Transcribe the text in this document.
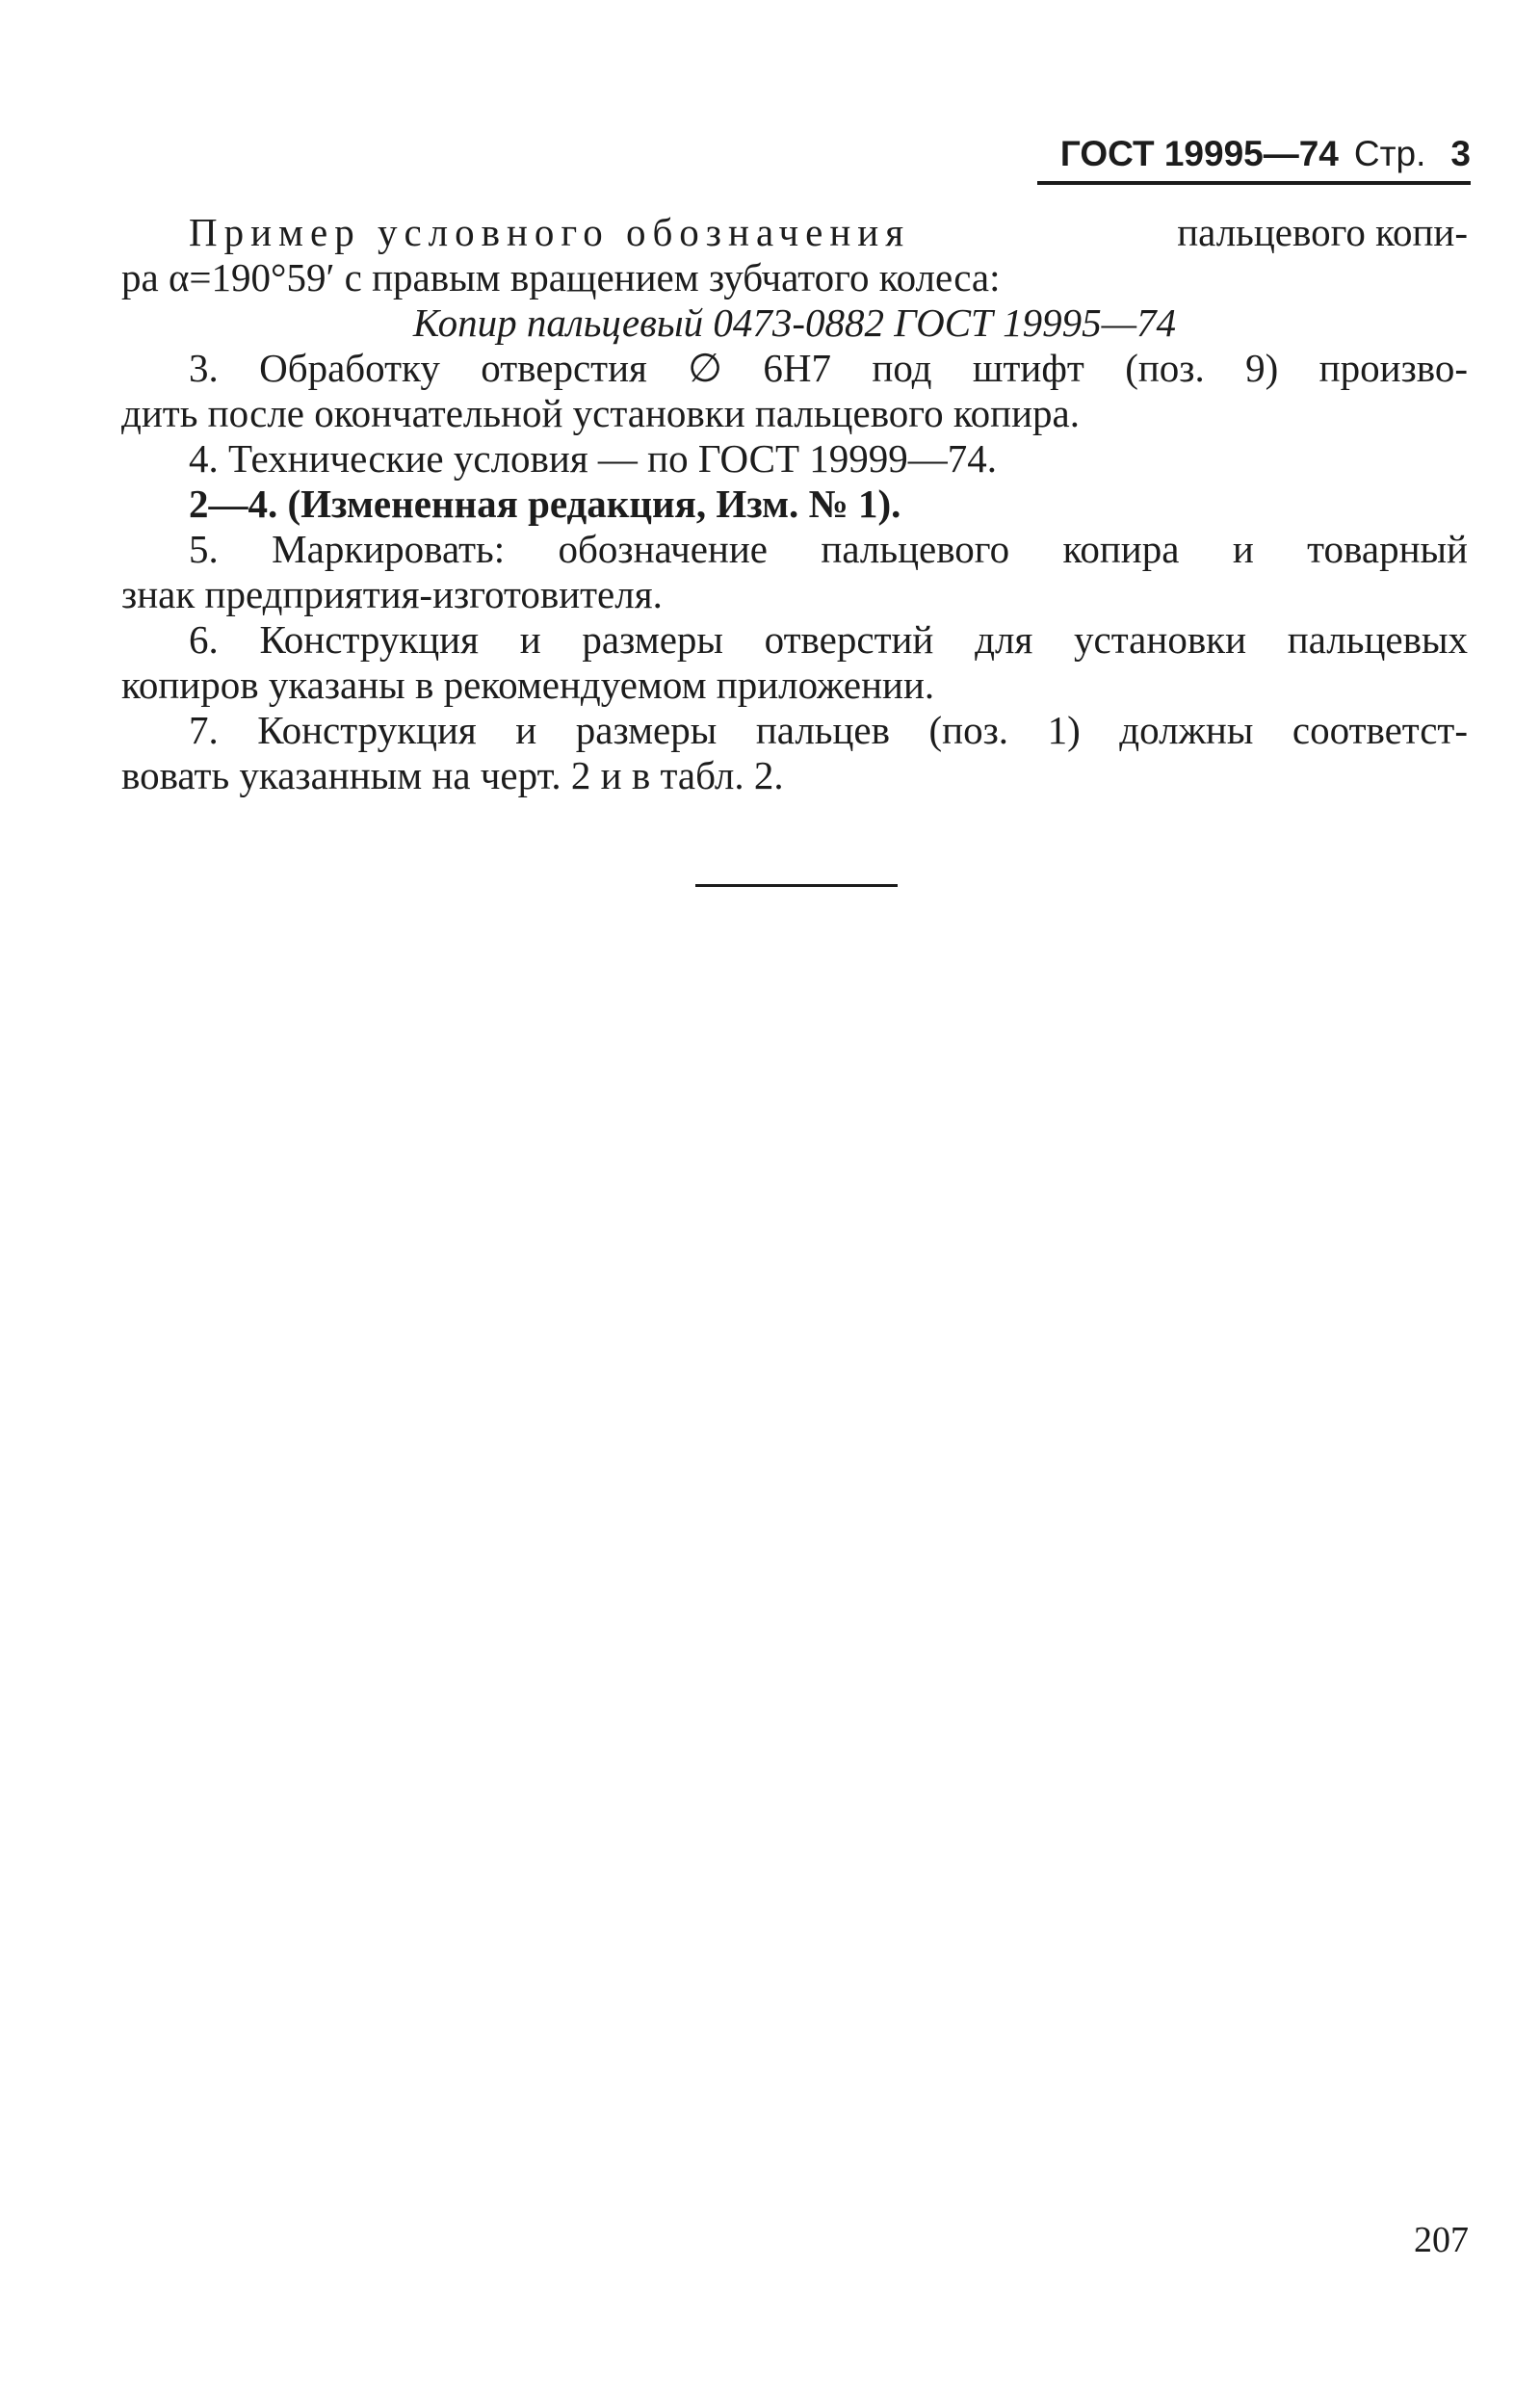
ГОСТ 19995—74 Стр. 3
Пример условного обозначения	пальцевого копи-
ра α=190°59′ с правым вращением зубчатого колеса:
Копир пальцевый 0473-0882 ГОСТ 19995—74
3. Обработку отверстия ∅ 6Н7 под штифт (поз. 9) произво-
дить после окончательной установки пальцевого копира.
4. Технические условия — по ГОСТ 19999—74.
2—4. (Измененная редакция, Изм. № 1).
5. Маркировать: обозначение пальцевого копира и товарный
знак предприятия-изготовителя.
6. Конструкция и размеры отверстий для установки пальцевых
копиров указаны в рекомендуемом приложении.
7. Конструкция и размеры пальцев (поз. 1) должны соответст-
вовать указанным на черт. 2 и в табл. 2.
207
